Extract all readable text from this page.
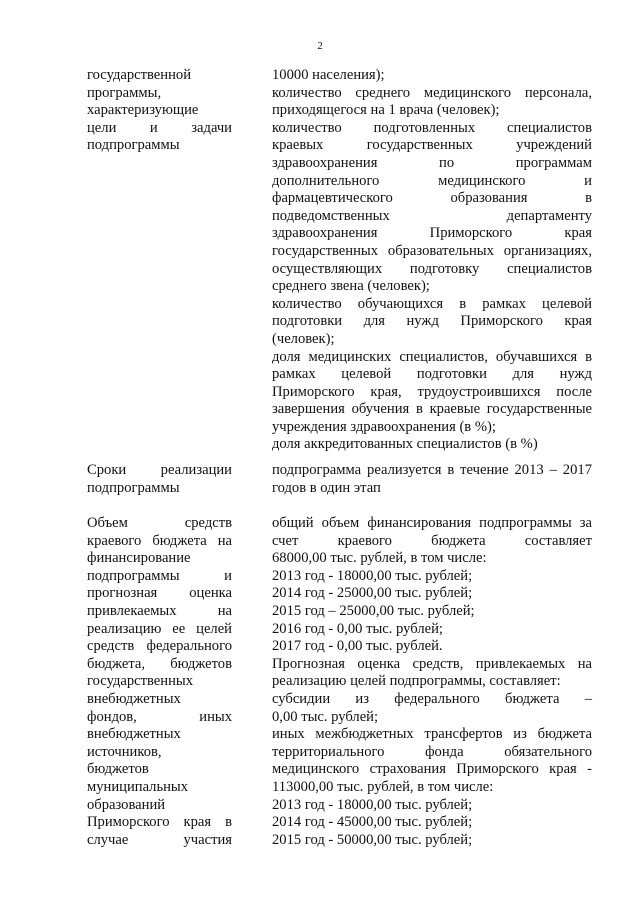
2
государственной
программы,
характеризующие
цели и задачи
подпрограммы
10000 населения);
количество среднего медицинского персонала,
приходящегося на 1 врача (человек);
количество подготовленных специалистов
краевых государственных учреждений
здравоохранения по программам
дополнительного медицинского и
фармацевтического образования в
подведомственных департаменту
здравоохранения Приморского края
государственных образовательных организациях,
осуществляющих подготовку специалистов
среднего звена (человек);
количество обучающихся в рамках целевой
подготовки для нужд Приморского края
(человек);
доля медицинских специалистов, обучавшихся в
рамках целевой подготовки для нужд
Приморского края, трудоустроившихся после
завершения обучения в краевые государственные
учреждения здравоохранения (в %);
доля аккредитованных специалистов (в %)
Сроки реализации
подпрограммы
подпрограмма реализуется в течение 2013 – 2017
годов в один этап
Объем средств
краевого бюджета на
финансирование
подпрограммы и
прогнозная оценка
привлекаемых на
реализацию ее целей
средств федерального
бюджета, бюджетов
государственных
внебюджетных
фондов, иных
внебюджетных
источников,
бюджетов
муниципальных
образований
Приморского края в
случае участия
общий объем финансирования подпрограммы за
счет краевого бюджета составляет
68000,00 тыс. рублей, в том числе:
2013 год - 18000,00 тыс. рублей;
2014 год - 25000,00 тыс. рублей;
2015 год – 25000,00 тыс. рублей;
2016 год - 0,00 тыс. рублей;
2017 год - 0,00 тыс. рублей.
Прогнозная оценка средств, привлекаемых на
реализацию целей подпрограммы, составляет:
субсидии из федерального бюджета –
0,00 тыс. рублей;
иных межбюджетных трансфертов из бюджета
территориального фонда обязательного
медицинского страхования Приморского края -
113000,00 тыс. рублей, в том числе:
2013 год - 18000,00 тыс. рублей;
2014 год - 45000,00 тыс. рублей;
2015 год - 50000,00 тыс. рублей;
